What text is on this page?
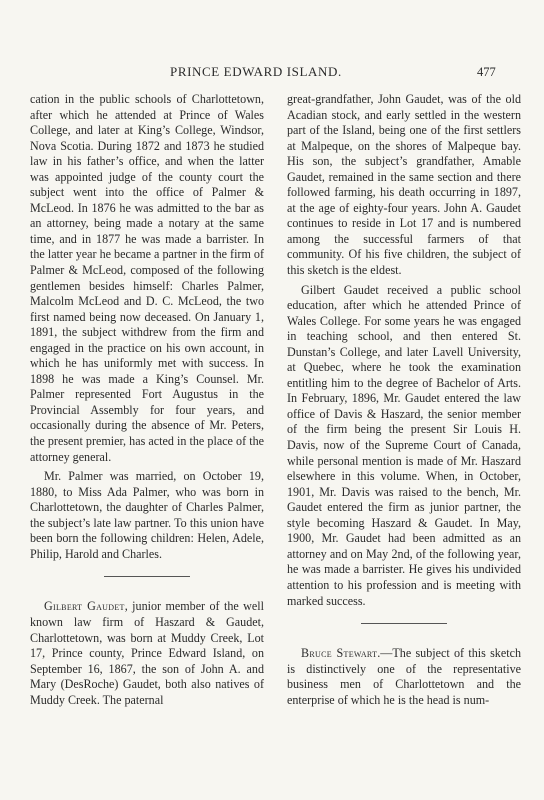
PRINCE EDWARD ISLAND.	477

cation in the public schools of Charlottetown, after which he attended at Prince of Wales College, and later at King’s College, Windsor, Nova Scotia. During 1872 and 1873 he studied law in his father’s office, and when the latter was appointed judge of the county court the subject went into the office of Palmer & McLeod. In 1876 he was admitted to the bar as an attorney, being made a notary at the same time, and in 1877 he was made a barrister. In the latter year he became a partner in the firm of Palmer & McLeod, composed of the following gentlemen besides himself: Charles Palmer, Malcolm McLeod and D. C. McLeod, the two first named being now deceased. On January 1, 1891, the subject withdrew from the firm and engaged in the practice on his own account, in which he has uniformly met with success. In 1898 he was made a King’s Counsel. Mr. Palmer represented Fort Augustus in the Provincial Assembly for four years, and occasionally during the absence of Mr. Peters, the present premier, has acted in the place of the attorney general.

Mr. Palmer was married, on October 19, 1880, to Miss Ada Palmer, who was born in Charlottetown, the daughter of Charles Palmer, the subject’s late law partner. To this union have been born the following children: Helen, Adele, Philip, Harold and Charles.

Gilbert Gaudet, junior member of the well known law firm of Haszard & Gaudet, Charlottetown, was born at Muddy Creek, Lot 17, Prince county, Prince Edward Island, on September 16, 1867, the son of John A. and Mary (DesRoche) Gaudet, both also natives of Muddy Creek. The paternal

great-grandfather, John Gaudet, was of the old Acadian stock, and early settled in the western part of the Island, being one of the first settlers at Malpeque, on the shores of Malpeque bay. His son, the subject’s grandfather, Amable Gaudet, remained in the same section and there followed farming, his death occurring in 1897, at the age of eighty-four years. John A. Gaudet continues to reside in Lot 17 and is numbered among the successful farmers of that community. Of his five children, the subject of this sketch is the eldest.

Gilbert Gaudet received a public school education, after which he attended Prince of Wales College. For some years he was engaged in teaching school, and then entered St. Dunstan’s College, and later Lavell University, at Quebec, where he took the examination entitling him to the degree of Bachelor of Arts. In February, 1896, Mr. Gaudet entered the law office of Davis & Haszard, the senior member of the firm being the present Sir Louis H. Davis, now of the Supreme Court of Canada, while personal mention is made of Mr. Haszard elsewhere in this volume. When, in October, 1901, Mr. Davis was raised to the bench, Mr. Gaudet entered the firm as junior partner, the style becoming Haszard & Gaudet. In May, 1900, Mr. Gaudet had been admitted as an attorney and on May 2nd, of the following year, he was made a barrister. He gives his undivided attention to his profession and is meeting with marked success.

Bruce Stewart.—The subject of this sketch is distinctively one of the representative business men of Charlottetown and the enterprise of which he is the head is num-
